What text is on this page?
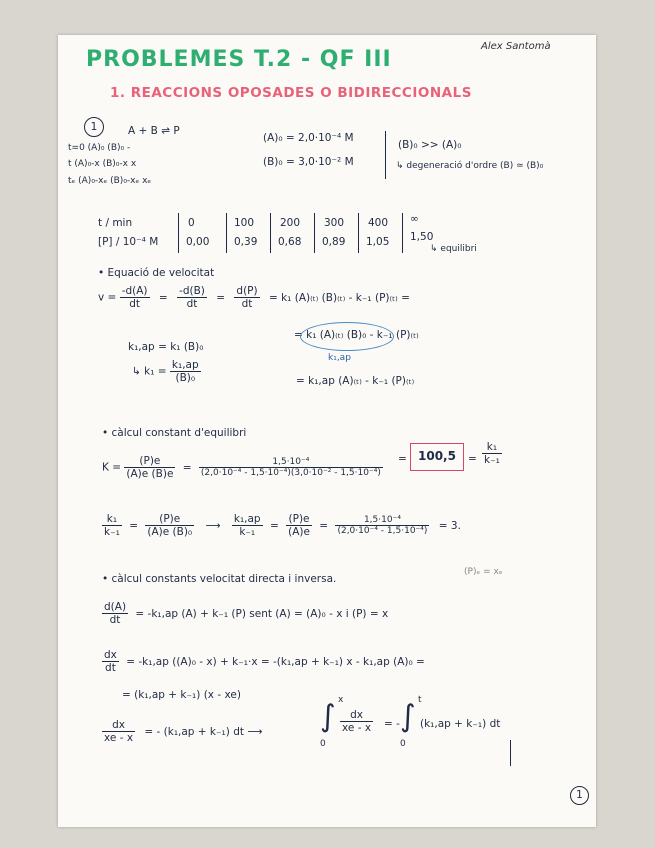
PROBLEMES T.2 - QF III
Alex Santomà
1. REACCIONS OPOSADES O BIDIRECCIONALS
1	A + B ⇌ P
t=0 (A)₀ (B)₀ -
t (A)₀-x (B)₀-x x
tₑ (A)₀-xₑ (B)₀-xₑ xₑ
(A)₀ = 2,0·10⁻⁴ M
(B)₀ = 3,0·10⁻² M
(B)₀ >> (A)₀
↳ degeneració d'ordre (B) ≃ (B)₀
t / min
[P] / 10⁻⁴ M
0
0,00
100
0,39
200
0,68
300
0,89
400
1,05
∞
1,50
↳ equilibri
• Equació de velocitat
$v = \frac{-d(A)}{dt} = \frac{-d(B)}{dt} = \frac{d(P)}{dt} = k_1$ (A)₍ₜ₎ (B)₍ₜ₎ - k₋₁ (P)₍ₜ₎ =
= k₁ (A)₍ₜ₎ (B)₀ - k₋₁ (P)₍ₜ₎
k₁,ap
k₁,ap = k₁ (B)₀
↳ $k_1 = \frac{\text{k₁,ap}}{\text{(B)₀}}$	= k₁,ap (A)₍ₜ₎ - k₋₁ (P)₍ₜ₎
• càlcul constant d'equilibri
$K = \frac{(P)e}{(A)e (B)e} = \frac{\text{1,5·10⁻⁴}}{\text{(2,0·10⁻⁴ - 1,5·10⁻⁴)(3,0·10⁻² - 1,5·10⁻⁴)}} = 100,5 = \frac{\text{k₁}}{\text{k₋₁}}$
$\frac{\text{k₁}}{\text{k₋₁}} = \frac{(P)e}{\text{(A)e (B)₀}}$ ⟶ $\frac{\text{k₁,ap}}{\text{k₋₁}} = \frac{(P)e}{(A)e} = \frac{\text{1,5·10⁻⁴}}{\text{(2,0·10⁻⁴ - 1,5·10⁻⁴)}} = 3$.
• càlcul constants velocitat directa i inversa.
(P)ₑ = xₑ
$\frac{d(A)}{dt} = -k_1,ap$ (A) + k₋₁ (P) sent (A) = (A)₀ - x i (P) = x
$\frac{dx}{dt} = -k_1,ap$ ((A)₀ - x) + k₋₁·x = -(k₁,ap + k₋₁) x - k₁,ap (A)₀ =
= (k₁,ap + k₋₁) (x - xe)
$\frac{dx}{xe - x}$ = - (k₁,ap + k₋₁) dt ⟶ ∫ x
0
$\frac{dx}{xe - x}$ = - ∫ t
0
(k₁,ap + k₋₁) dt
1
